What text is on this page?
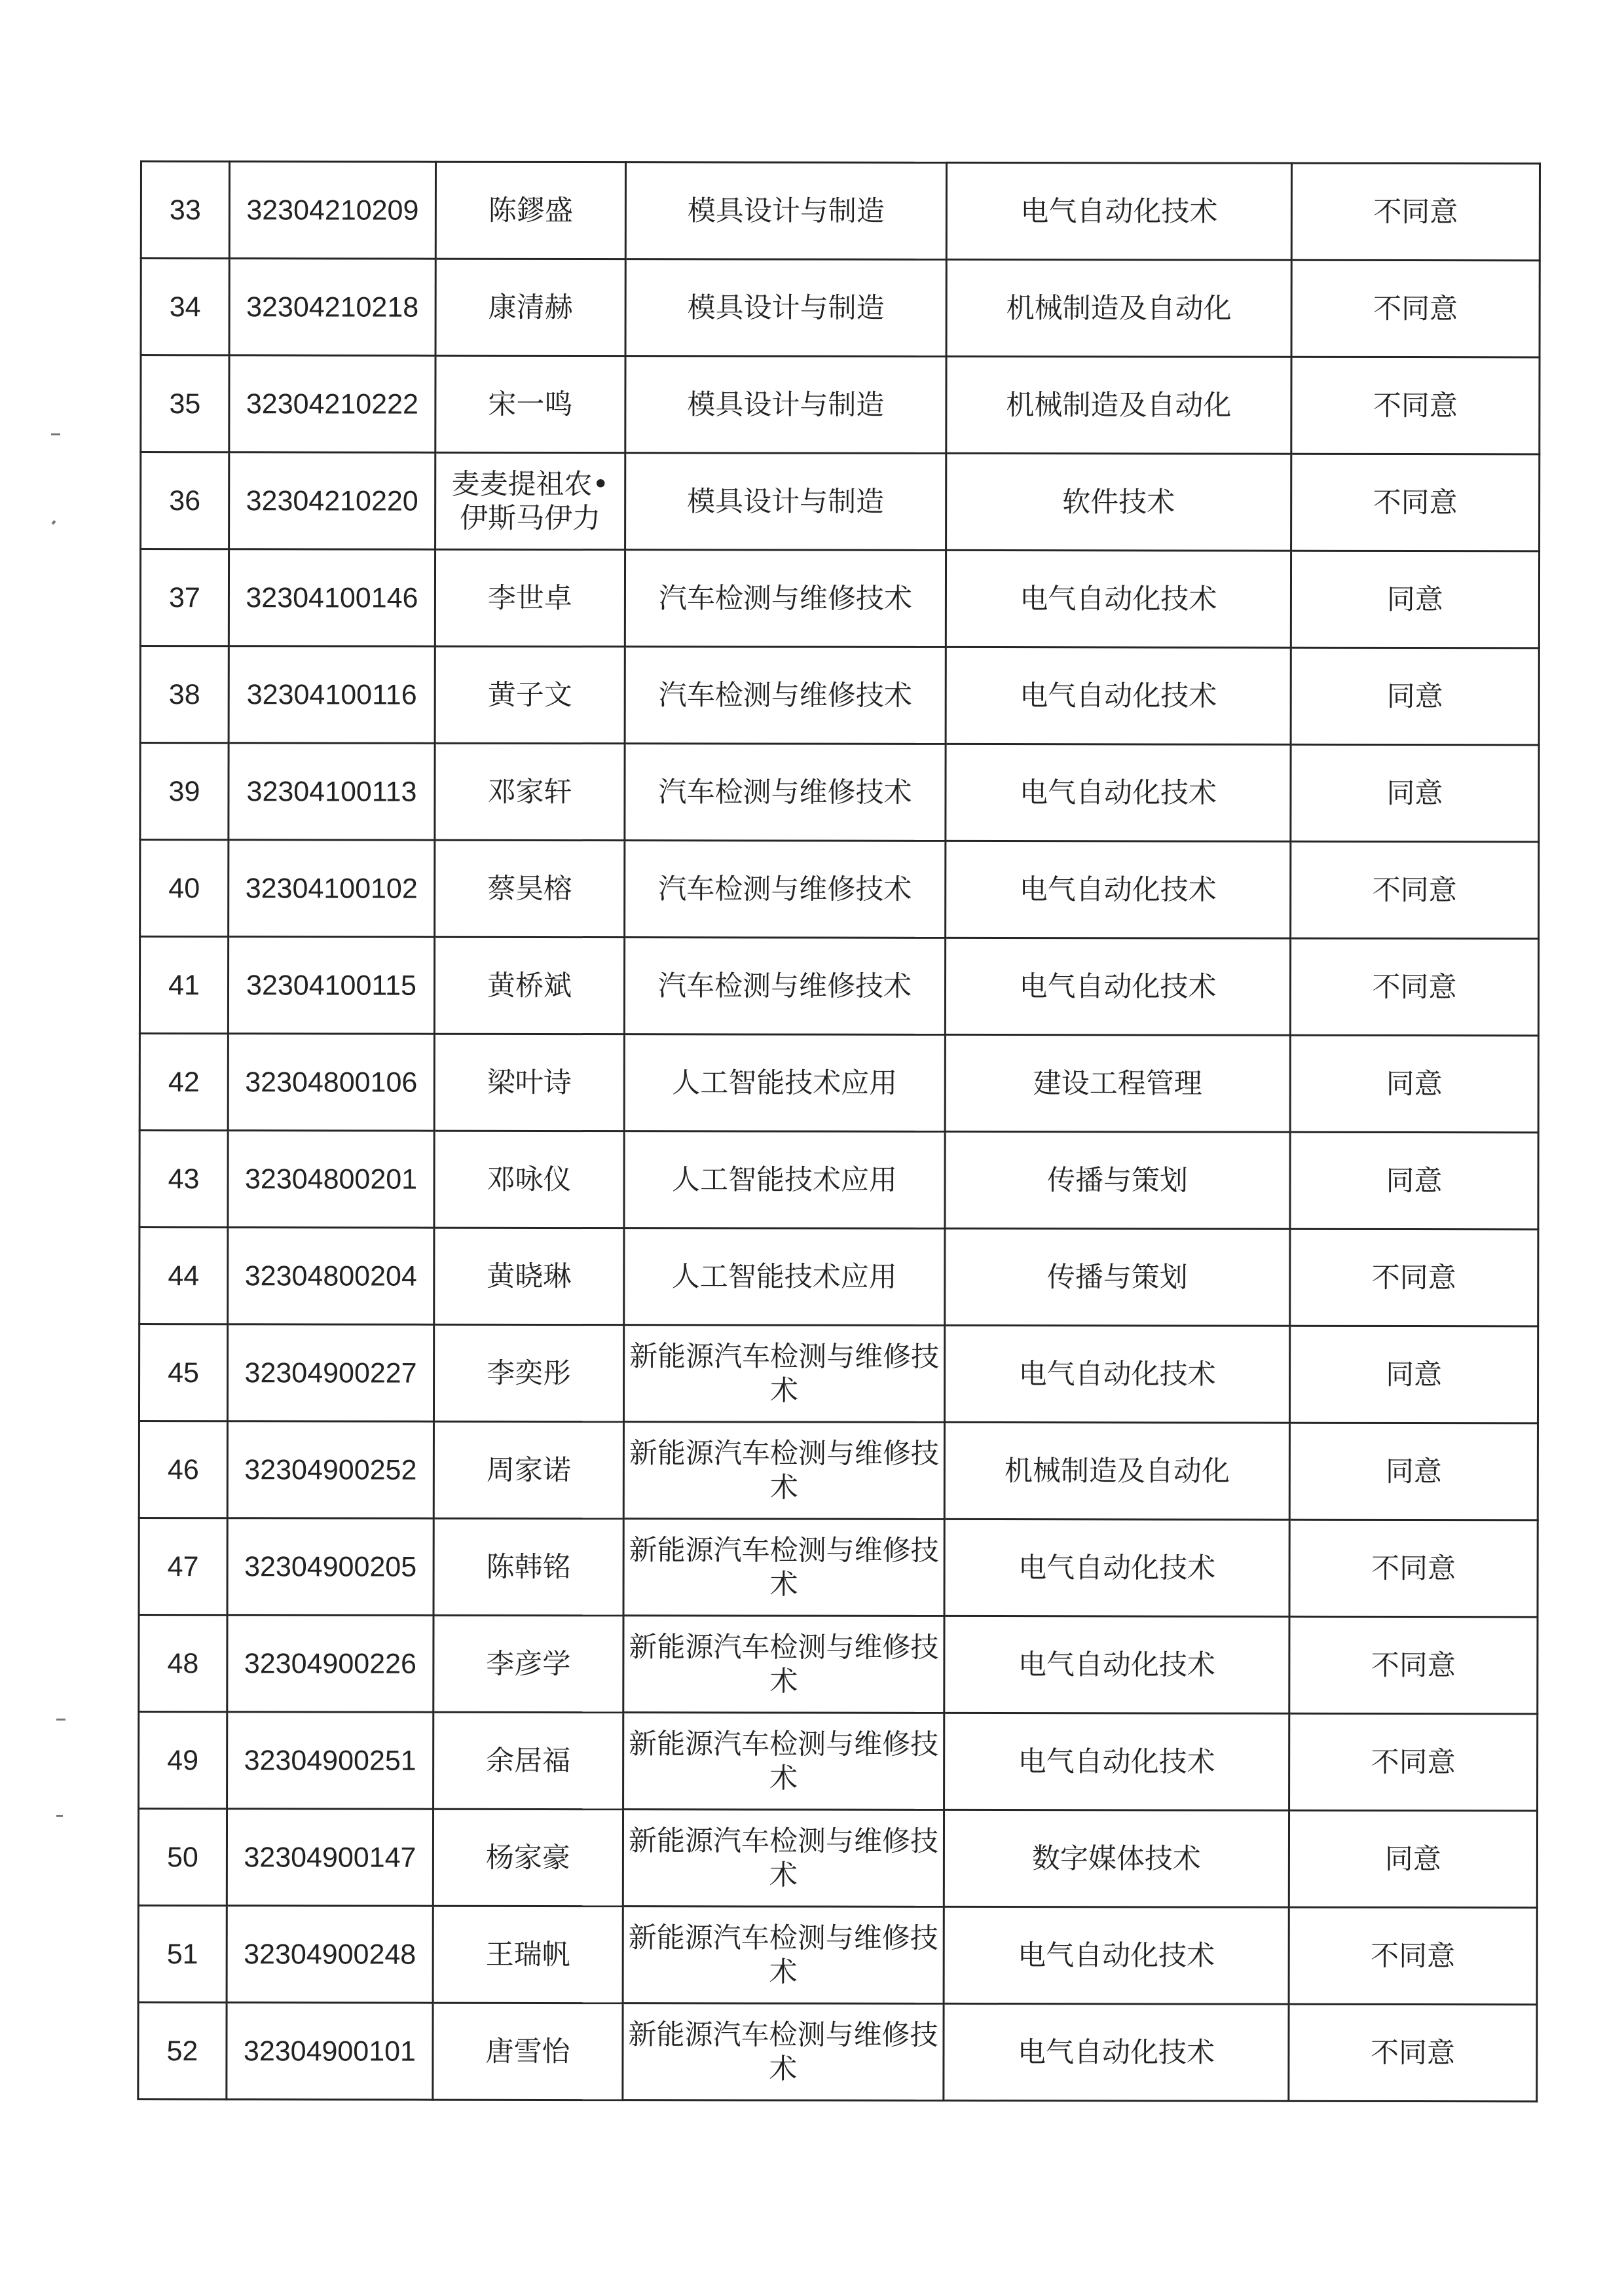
33	32304210209	陈鏐盛	模具设计与制造	电气自动化技术	不同意
34	32304210218	康清赫	模具设计与制造	机械制造及自动化	不同意
35	32304210222	宋一鸣	模具设计与制造	机械制造及自动化	不同意
36	32304210220	麦麦提祖农•伊斯马伊力	模具设计与制造	软件技术	不同意
37	32304100146	李世卓	汽车检测与维修技术	电气自动化技术	同意
38	32304100116	黄子文	汽车检测与维修技术	电气自动化技术	同意
39	32304100113	邓家轩	汽车检测与维修技术	电气自动化技术	同意
40	32304100102	蔡昊榕	汽车检测与维修技术	电气自动化技术	不同意
41	32304100115	黄桥斌	汽车检测与维修技术	电气自动化技术	不同意
42	32304800106	梁叶诗	人工智能技术应用	建设工程管理	同意
43	32304800201	邓咏仪	人工智能技术应用	传播与策划	同意
44	32304800204	黄晓琳	人工智能技术应用	传播与策划	不同意
45	32304900227	李奕彤	新能源汽车检测与维修技术	电气自动化技术	同意
46	32304900252	周家诺	新能源汽车检测与维修技术	机械制造及自动化	同意
47	32304900205	陈韩铭	新能源汽车检测与维修技术	电气自动化技术	不同意
48	32304900226	李彦学	新能源汽车检测与维修技术	电气自动化技术	不同意
49	32304900251	余居福	新能源汽车检测与维修技术	电气自动化技术	不同意
50	32304900147	杨家豪	新能源汽车检测与维修技术	数字媒体技术	同意
51	32304900248	王瑞帆	新能源汽车检测与维修技术	电气自动化技术	不同意
52	32304900101	唐雪怡	新能源汽车检测与维修技术	电气自动化技术	不同意
